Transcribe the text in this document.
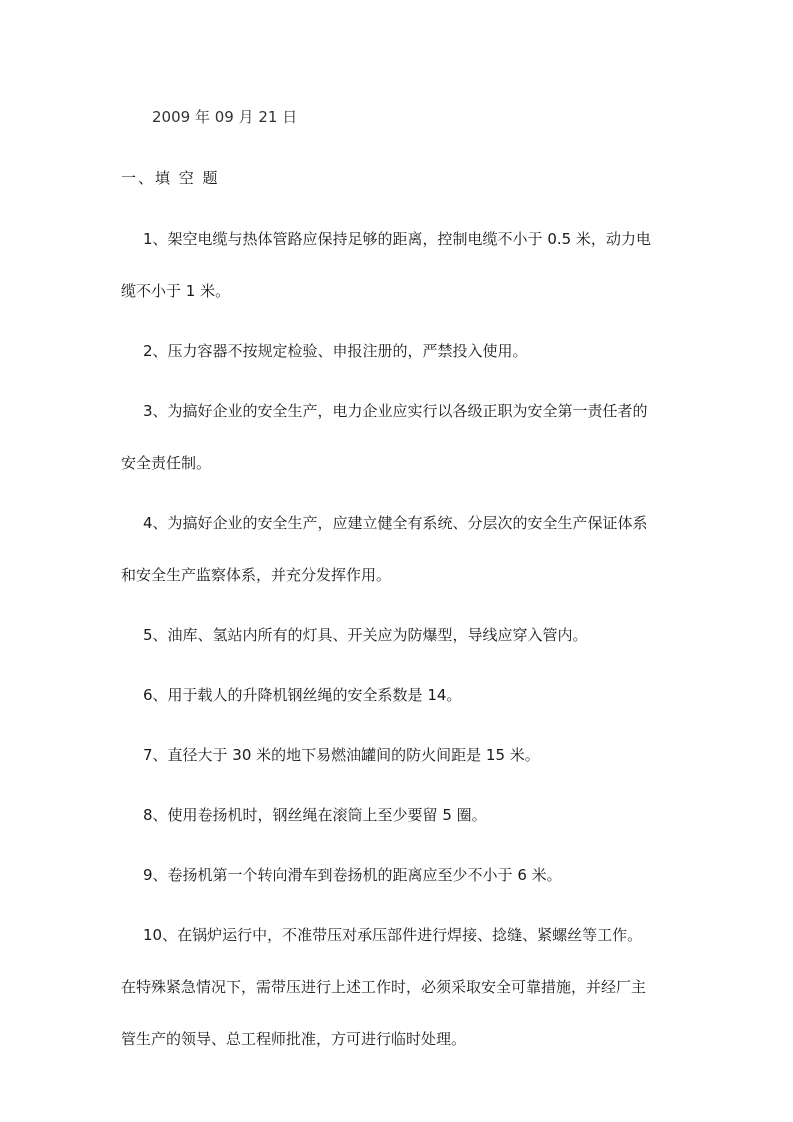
2009 年 09 月 21 日
一、填 空 题
1、架空电缆与热体管路应保持足够的距离，控制电缆不小于 0.5 米，动力电
缆不小于 1 米。
2、压力容器不按规定检验、申报注册的，严禁投入使用。
3、为搞好企业的安全生产，电力企业应实行以各级正职为安全第一责任者的
安全责任制。
4、为搞好企业的安全生产，应建立健全有系统、分层次的安全生产保证体系
和安全生产监察体系，并充分发挥作用。
5、油库、氢站内所有的灯具、开关应为防爆型，导线应穿入管内。
6、用于载人的升降机钢丝绳的安全系数是 14。
7、直径大于 30 米的地下易燃油罐间的防火间距是 15 米。
8、使用卷扬机时，钢丝绳在滚筒上至少要留 5 圈。
9、卷扬机第一个转向滑车到卷扬机的距离应至少不小于 6 米。
10、在锅炉运行中，不准带压对承压部件进行焊接、捻缝、紧螺丝等工作。
在特殊紧急情况下，需带压进行上述工作时，必须采取安全可靠措施，并经厂主
管生产的领导、总工程师批准，方可进行临时处理。
